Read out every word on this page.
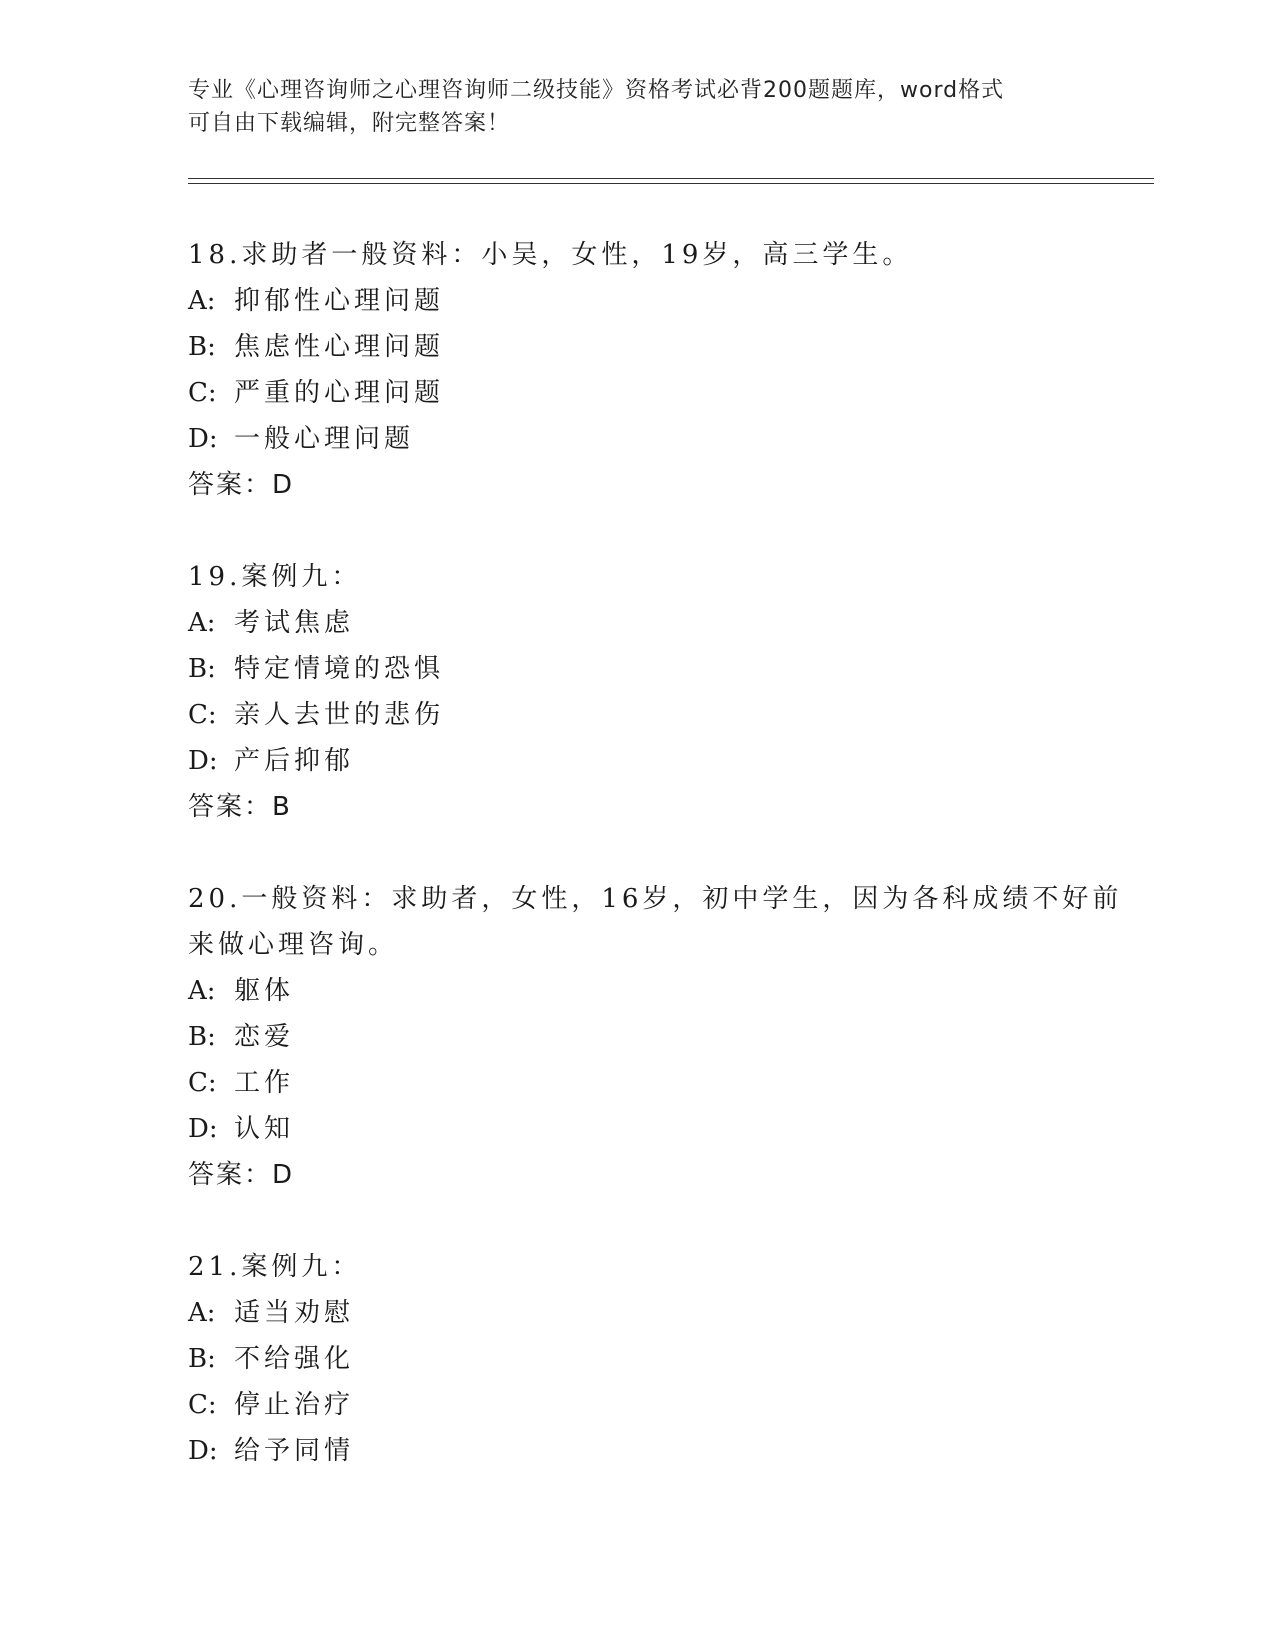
专业《心理咨询师之心理咨询师二级技能》资格考试必背200题题库，word格式
可自由下载编辑，附完整答案！
18.求助者一般资料：小吴，女性，19岁，高三学生。
A: 抑郁性心理问题
B: 焦虑性心理问题
C: 严重的心理问题
D: 一般心理问题
答案：D
19.案例九：
A: 考试焦虑
B: 特定情境的恐惧
C: 亲人去世的悲伤
D: 产后抑郁
答案：B
20.一般资料：求助者，女性，16岁，初中学生，因为各科成绩不好前
来做心理咨询。
A: 躯体
B: 恋爱
C: 工作
D: 认知
答案：D
21.案例九：
A: 适当劝慰
B: 不给强化
C: 停止治疗
D: 给予同情
